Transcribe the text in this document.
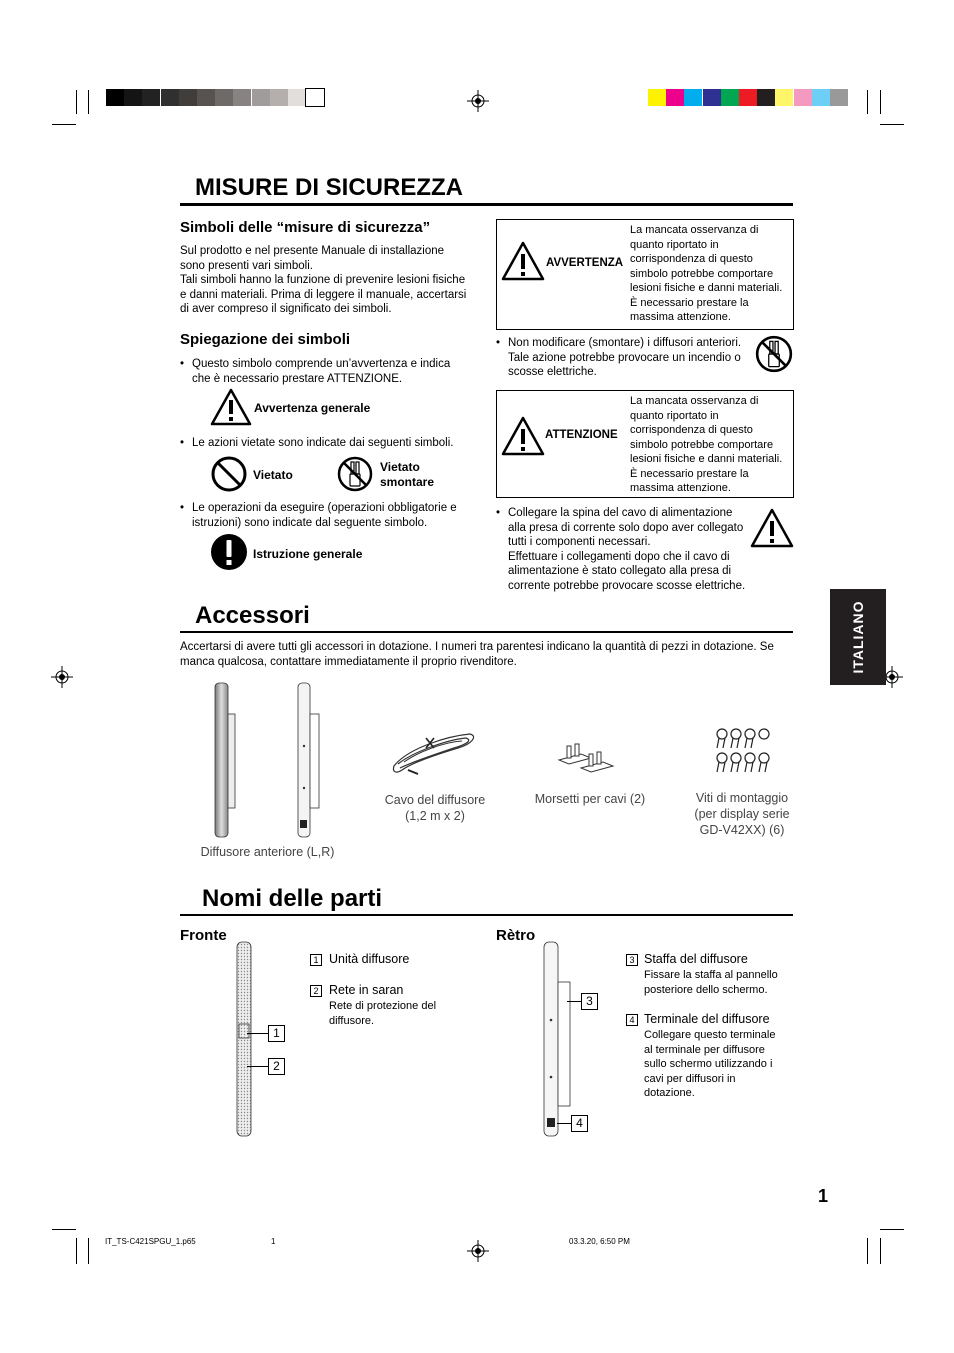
MISURE DI SICUREZZA

Simboli delle “misure di sicurezza”

Sul prodotto e nel presente Manuale di installazione
sono presenti vari simboli.
Tali simboli hanno la funzione di prevenire lesioni fisiche
e danni materiali. Prima di leggere il manuale, accertarsi
di aver compreso il significato dei simboli.

Spiegazione dei simboli

• Questo simbolo comprende un’avvertenza e indica
che è necessario prestare ATTENZIONE.
Avvertenza generale
• Le azioni vietate sono indicate dai seguenti simboli.
Vietato
Vietato
smontare
• Le operazioni da eseguire (operazioni obbligatorie e
istruzioni) sono indicate dal seguente simbolo.
Istruzione generale
AVVERTENZA
La mancata osservanza di
quanto riportato in
corrispondenza di questo
simbolo potrebbe comportare
lesioni fisiche e danni materiali.
È necessario prestare la
massima attenzione.
• Non modificare (smontare) i diffusori anteriori.
Tale azione potrebbe provocare un incendio o
scosse elettriche.
ATTENZIONE
La mancata osservanza di
quanto riportato in
corrispondenza di questo
simbolo potrebbe comportare
lesioni fisiche e danni materiali.
È necessario prestare la
massima attenzione.
• Collegare la spina del cavo di alimentazione
alla presa di corrente solo dopo aver collegato
tutti i componenti necessari.
Effettuare i collegamenti dopo che il cavo di
alimentazione è stato collegato alla presa di
corrente potrebbe provocare scosse elettriche.
ITALIANO
Accessori
Accertarsi di avere tutti gli accessori in dotazione. I numeri tra parentesi indicano la quantità di pezzi in dotazione. Se
manca qualcosa, contattare immediatamente il proprio rivenditore.
Diffusore anteriore (L,R)
Cavo del diffusore
(1,2 m x 2)
Morsetti per cavi (2)	Viti di montaggio
(per display serie
GD-V42XX) (6)
Nomi delle parti

Fronte	Rètro

1
2
1 Unità diffusore
2 Rete in saran
Rete di protezione del
diffusore.
3
4
3 Staffa del diffusore
Fissare la staffa al pannello
posteriore dello schermo.
4 Terminale del diffusore
Collegare questo terminale
al terminale per diffusore
sullo schermo utilizzando i
cavi per diffusori in
dotazione.
1
IT_TS-C421SPGU_1.p65	1	03.3.20, 6:50 PM
